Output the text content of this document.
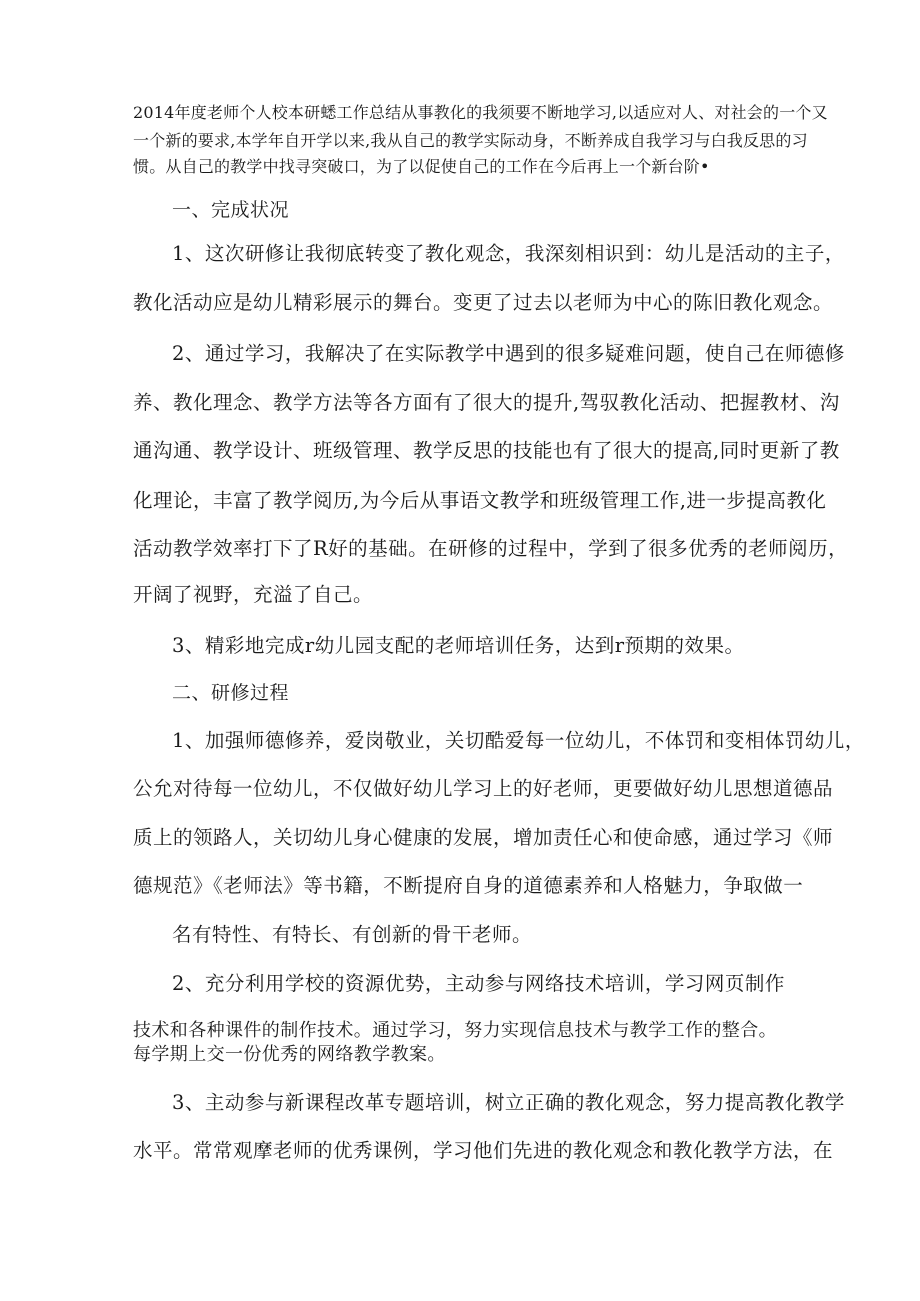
2014年度老师个人校本研蟋工作总结从事教化的我须要不断地学习,以适应对人、对社会的一个又
一个新的要求,本学年自开学以来,我从自己的教学实际动身，不断养成自我学习与白我反思的习
惯。从自己的教学中找寻突破口，为了以促使自己的工作在今后再上一个新台阶•
一、完成状况
1、这次研修让我彻底转变了教化观念，我深刻相识到：幼儿是活动的主子，
教化活动应是幼儿精彩展示的舞台。变更了过去以老师为中心的陈旧教化观念。
2、通过学习，我解决了在实际教学中遇到的很多疑难问题，使自己在师德修
养、教化理念、教学方法等各方面有了很大的提升,驾驭教化活动、把握教材、沟
通沟通、教学设计、班级管理、教学反思的技能也有了很大的提高,同时更新了教
化理论，丰富了教学阅历,为今后从事语文教学和班级管理工作,进一步提高教化
活动教学效率打下了R好的基础。在研修的过程中，学到了很多优秀的老师阅历，
开阔了视野，充溢了自己。
3、精彩地完成r幼儿园支配的老师培训任务，达到r预期的效果。
二、研修过程
1、加强师德修养，爱岗敬业，关切酷爱每一位幼儿，不体罚和变相体罚幼儿，
公允对待每一位幼儿，不仅做好幼儿学习上的好老师，更要做好幼儿思想道德品
质上的领路人，关切幼儿身心健康的发展，增加责任心和使命感，通过学习《师
德规范》《老师法》等书籍，不断提府自身的道德素养和人格魅力，争取做一
名有特性、有特长、有创新的骨干老师。
2、充分利用学校的资源优势，主动参与网络技术培训，学习网页制作
技术和各种课件的制作技术。通过学习，努力实现信息技术与教学工作的整合。
每学期上交一份优秀的网络教学教案。
3、主动参与新课程改革专题培训，树立正确的教化观念，努力提高教化教学
水平。常常观摩老师的优秀课例，学习他们先进的教化观念和教化教学方法，在
